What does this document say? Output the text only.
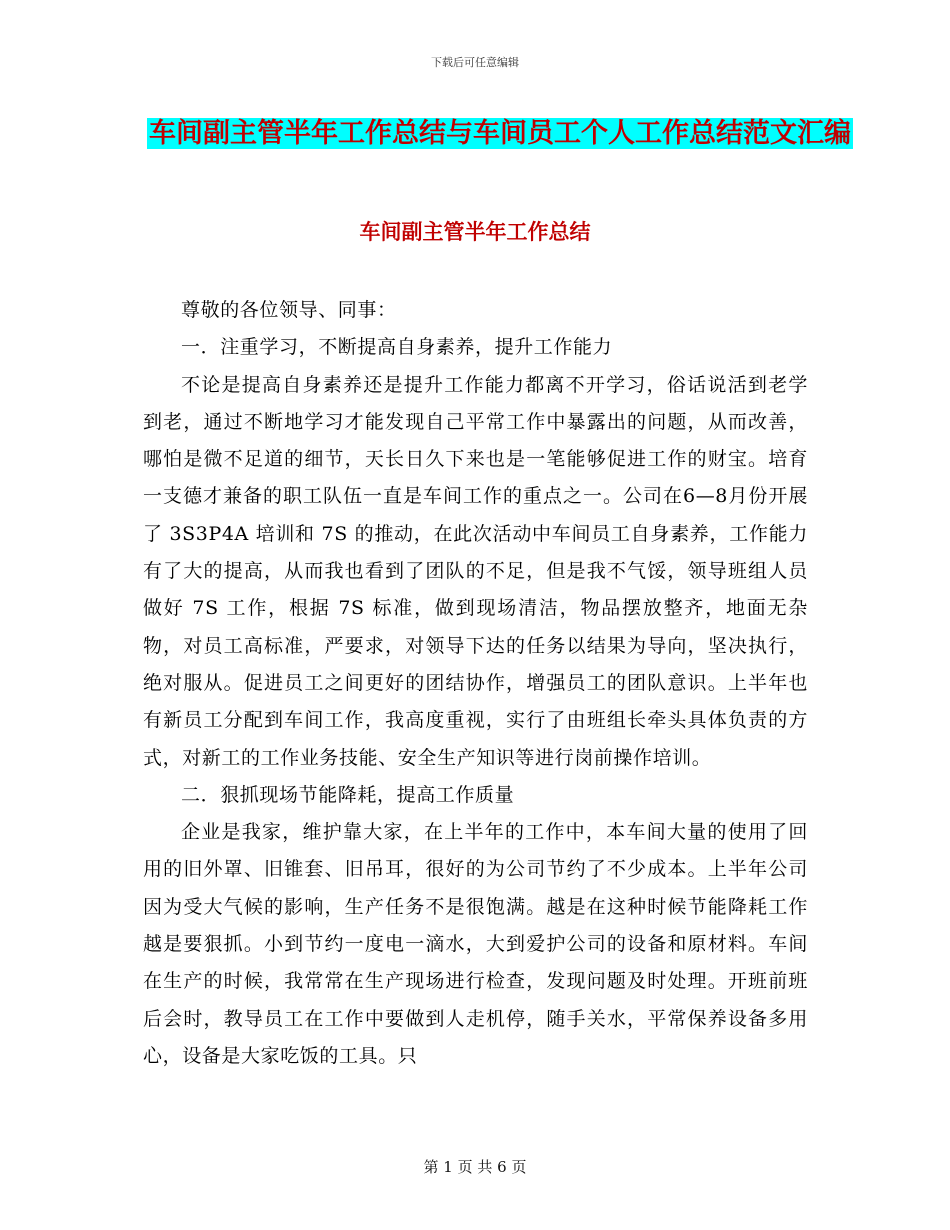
下载后可任意编辑
车间副主管半年工作总结与车间员工个人工作总结范文汇编
车间副主管半年工作总结

尊敬的各位领导、同事：

一．注重学习，不断提高自身素养，提升工作能力

不论是提高自身素养还是提升工作能力都离不开学习，俗话说活到老学到老，通过不断地学习才能发现自己平常工作中暴露出的问题，从而改善，哪怕是微不足道的细节，天长日久下来也是一笔能够促进工作的财宝。培育一支德才兼备的职工队伍一直是车间工作的重点之一。公司在6—8月份开展了 3S3P4A 培训和 7S 的推动，在此次活动中车间员工自身素养，工作能力有了大的提高，从而我也看到了团队的不足，但是我不气馁，领导班组人员做好 7S 工作，根据 7S 标准，做到现场清洁，物品摆放整齐，地面无杂物，对员工高标准，严要求，对领导下达的任务以结果为导向，坚决执行，绝对服从。促进员工之间更好的团结协作，增强员工的团队意识。上半年也有新员工分配到车间工作，我高度重视，实行了由班组长牵头具体负责的方式，对新工的工作业务技能、安全生产知识等进行岗前操作培训。

二．狠抓现场节能降耗，提高工作质量

企业是我家，维护靠大家，在上半年的工作中，本车间大量的使用了回用的旧外罩、旧锥套、旧吊耳，很好的为公司节约了不少成本。上半年公司因为受大气候的影响，生产任务不是很饱满。越是在这种时候节能降耗工作越是要狠抓。小到节约一度电一滴水，大到爱护公司的设备和原材料。车间在生产的时候，我常常在生产现场进行检查，发现问题及时处理。开班前班后会时，教导员工在工作中要做到人走机停，随手关水，平常保养设备多用心，设备是大家吃饭的工具。只

第 1 页 共 6 页
